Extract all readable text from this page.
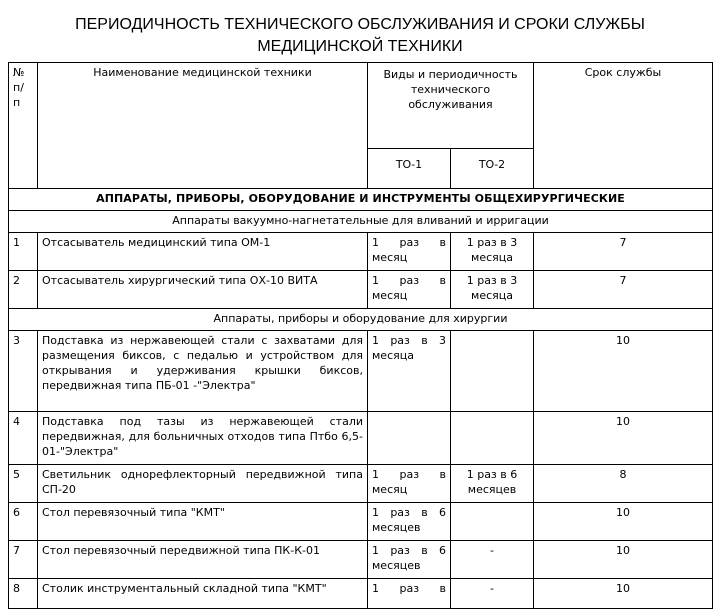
ПЕРИОДИЧНОСТЬ ТЕХНИЧЕСКОГО ОБСЛУЖИВАНИЯ И СРОКИ СЛУЖБЫ
МЕДИЦИНСКОЙ ТЕХНИКИ
№ п/ п	Наименование медицинской техники	Виды и периодичность технического обслуживания		Срок службы
		ТО-1	ТО-2	
АППАРАТЫ, ПРИБОРЫ, ОБОРУДОВАНИЕ И ИНСТРУМЕНТЫ ОБЩЕХИРУРГИЧЕСКИЕ				
Аппараты вакуумно-нагнетательные для вливаний и ирригации				
1	Отсасыватель медицинский типа ОМ-1	1 раз в месяц	1 раз в 3 месяца	7
2	Отсасыватель хирургический типа ОХ-10 ВИТА	1 раз в месяц	1 раз в 3 месяца	7
Аппараты, приборы и оборудование для хирургии				
3	Подставка из нержавеющей стали с захватами для размещения биксов, с педалью и устройством для открывания и удерживания крышки биксов, передвижная типа ПБ-01 -"Электра"	1 раз в 3 месяца		10
4	Подставка под тазы из нержавеющей стали передвижная, для больничных отходов типа Птбо 6,5-01-"Электра"			10
5	Светильник однорефлекторный передвижной типа СП-20	1 раз в месяц	1 раз в 6 месяцев	8
6	Стол перевязочный типа "КМТ"	1 раз в 6 месяцев		10
7	Стол перевязочный передвижной типа ПК-К-01	1 раз в 6 месяцев	-	10
8	Столик инструментальный складной типа "КМТ"	1 раз в	-	10
